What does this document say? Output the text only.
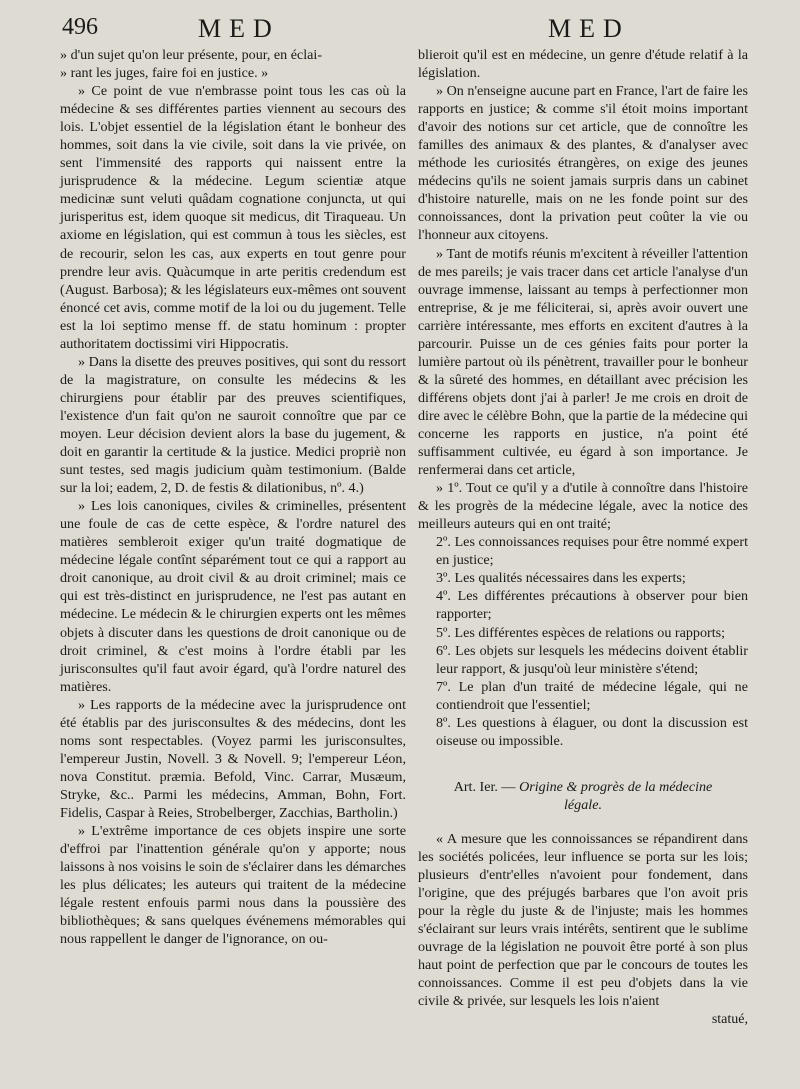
496	MED	MED

» d'un sujet qu'on leur présente, pour, en éclai-

» rant les juges, faire foi en justice. »

» Ce point de vue n'embrasse point tous les cas où la médecine & ses différentes parties viennent au secours des lois. L'objet essentiel de la législation étant le bonheur des hommes, soit dans la vie civile, soit dans la vie privée, on sent l'immensité des rapports qui naissent entre la jurisprudence & la médecine. Legum scientiæ atque medicinæ sunt veluti quâdam cognatione conjuncta, ut qui jurisperitus est, idem quoque sit medicus, dit Tiraqueau. Un axiome en législation, qui est commun à tous les siècles, est de recourir, selon les cas, aux experts en tout genre pour prendre leur avis. Quàcumque in arte peritis credendum est (August. Barbosa); & les législateurs eux-mêmes ont souvent énoncé cet avis, comme motif de la loi ou du jugement. Telle est la loi septimo mense ff. de statu hominum : propter authoritatem doctissimi viri Hippocratis.

» Dans la disette des preuves positives, qui sont du ressort de la magistrature, on consulte les médecins & les chirurgiens pour établir par des preuves scientifiques, l'existence d'un fait qu'on ne sauroit connoître que par ce moyen. Leur décision devient alors la base du jugement, & doit en garantir la certitude & la justice. Medici propriè non sunt testes, sed magis judicium quàm testimonium. (Balde sur la loi; eadem, 2, D. de festis & dilationibus, nº. 4.)

» Les lois canoniques, civiles & criminelles, présentent une foule de cas de cette espèce, & l'ordre naturel des matières sembleroit exiger qu'un traité dogmatique de médecine légale contînt séparément tout ce qui a rapport au droit canonique, au droit civil & au droit criminel; mais ce qui est très-distinct en jurisprudence, ne l'est pas autant en médecine. Le médecin & le chirurgien experts ont les mêmes objets à discuter dans les questions de droit canonique ou de droit criminel, & c'est moins à l'ordre établi par les jurisconsultes qu'il faut avoir égard, qu'à l'ordre naturel des matières.

» Les rapports de la médecine avec la jurisprudence ont été établis par des jurisconsultes & des médecins, dont les noms sont respectables. (Voyez parmi les jurisconsultes, l'empereur Justin, Novell. 3 & Novell. 9; l'empereur Léon, nova Constitut. præmia. Befold, Vinc. Carrar, Musæum, Stryke, &c.. Parmi les médecins, Amman, Bohn, Fort. Fidelis, Caspar à Reies, Strobelberger, Zacchias, Bartholin.)

» L'extrême importance de ces objets inspire une sorte d'effroi par l'inattention générale qu'on y apporte; nous laissons à nos voisins le soin de s'éclairer dans les démarches les plus délicates; les auteurs qui traitent de la médecine légale restent enfouis parmi nous dans la poussière des bibliothèques; & sans quelques événemens mémorables qui nous rappellent le danger de l'ignorance, on ou-

blieroit qu'il est en médecine, un genre d'étude relatif à la législation.

» On n'enseigne aucune part en France, l'art de faire les rapports en justice; & comme s'il étoit moins important d'avoir des notions sur cet article, que de connoître les familles des animaux & des plantes, & d'analyser avec méthode les curiosités étrangères, on exige des jeunes médecins qu'ils ne soient jamais surpris dans un cabinet d'histoire naturelle, mais on ne les fonde point sur des connoissances, dont la privation peut coûter la vie ou l'honneur aux citoyens.

» Tant de motifs réunis m'excitent à réveiller l'attention de mes pareils; je vais tracer dans cet article l'analyse d'un ouvrage immense, laissant au temps à perfectionner mon entreprise, & je me féliciterai, si, après avoir ouvert une carrière intéressante, mes efforts en excitent d'autres à la parcourir. Puisse un de ces génies faits pour porter la lumière partout où ils pénètrent, travailler pour le bonheur & la sûreté des hommes, en détaillant avec précision les différens objets dont j'ai à parler! Je me crois en droit de dire avec le célèbre Bohn, que la partie de la médecine qui concerne les rapports en justice, n'a point été suffisamment cultivée, eu égard à son importance. Je renfermerai dans cet article,

» 1º. Tout ce qu'il y a d'utile à connoître dans l'histoire & les progrès de la médecine légale, avec la notice des meilleurs auteurs qui en ont traité;

2º. Les connoissances requises pour être nommé expert en justice;

3º. Les qualités nécessaires dans les experts;

4º. Les différentes précautions à observer pour bien rapporter;

5º. Les différentes espèces de relations ou rapports;

6º. Les objets sur lesquels les médecins doivent établir leur rapport, & jusqu'où leur ministère s'étend;

7º. Le plan d'un traité de médecine légale, qui ne contiendroit que l'essentiel;

8º. Les questions à élaguer, ou dont la discussion est oiseuse ou impossible.

Art. Ier. — Origine & progrès de la médecine
légale.

« A mesure que les connoissances se répandirent dans les sociétés policées, leur influence se porta sur les lois; plusieurs d'entr'elles n'avoient pour fondement, dans l'origine, que des préjugés barbares que l'on avoit pris pour la règle du juste & de l'injuste; mais les hommes s'éclairant sur leurs vrais intérêts, sentirent que le sublime ouvrage de la législation ne pouvoit être porté à son plus haut point de perfection que par le concours de toutes les connoissances. Comme il est peu d'objets dans la vie civile & privée, sur lesquels les lois n'aient

statué,
